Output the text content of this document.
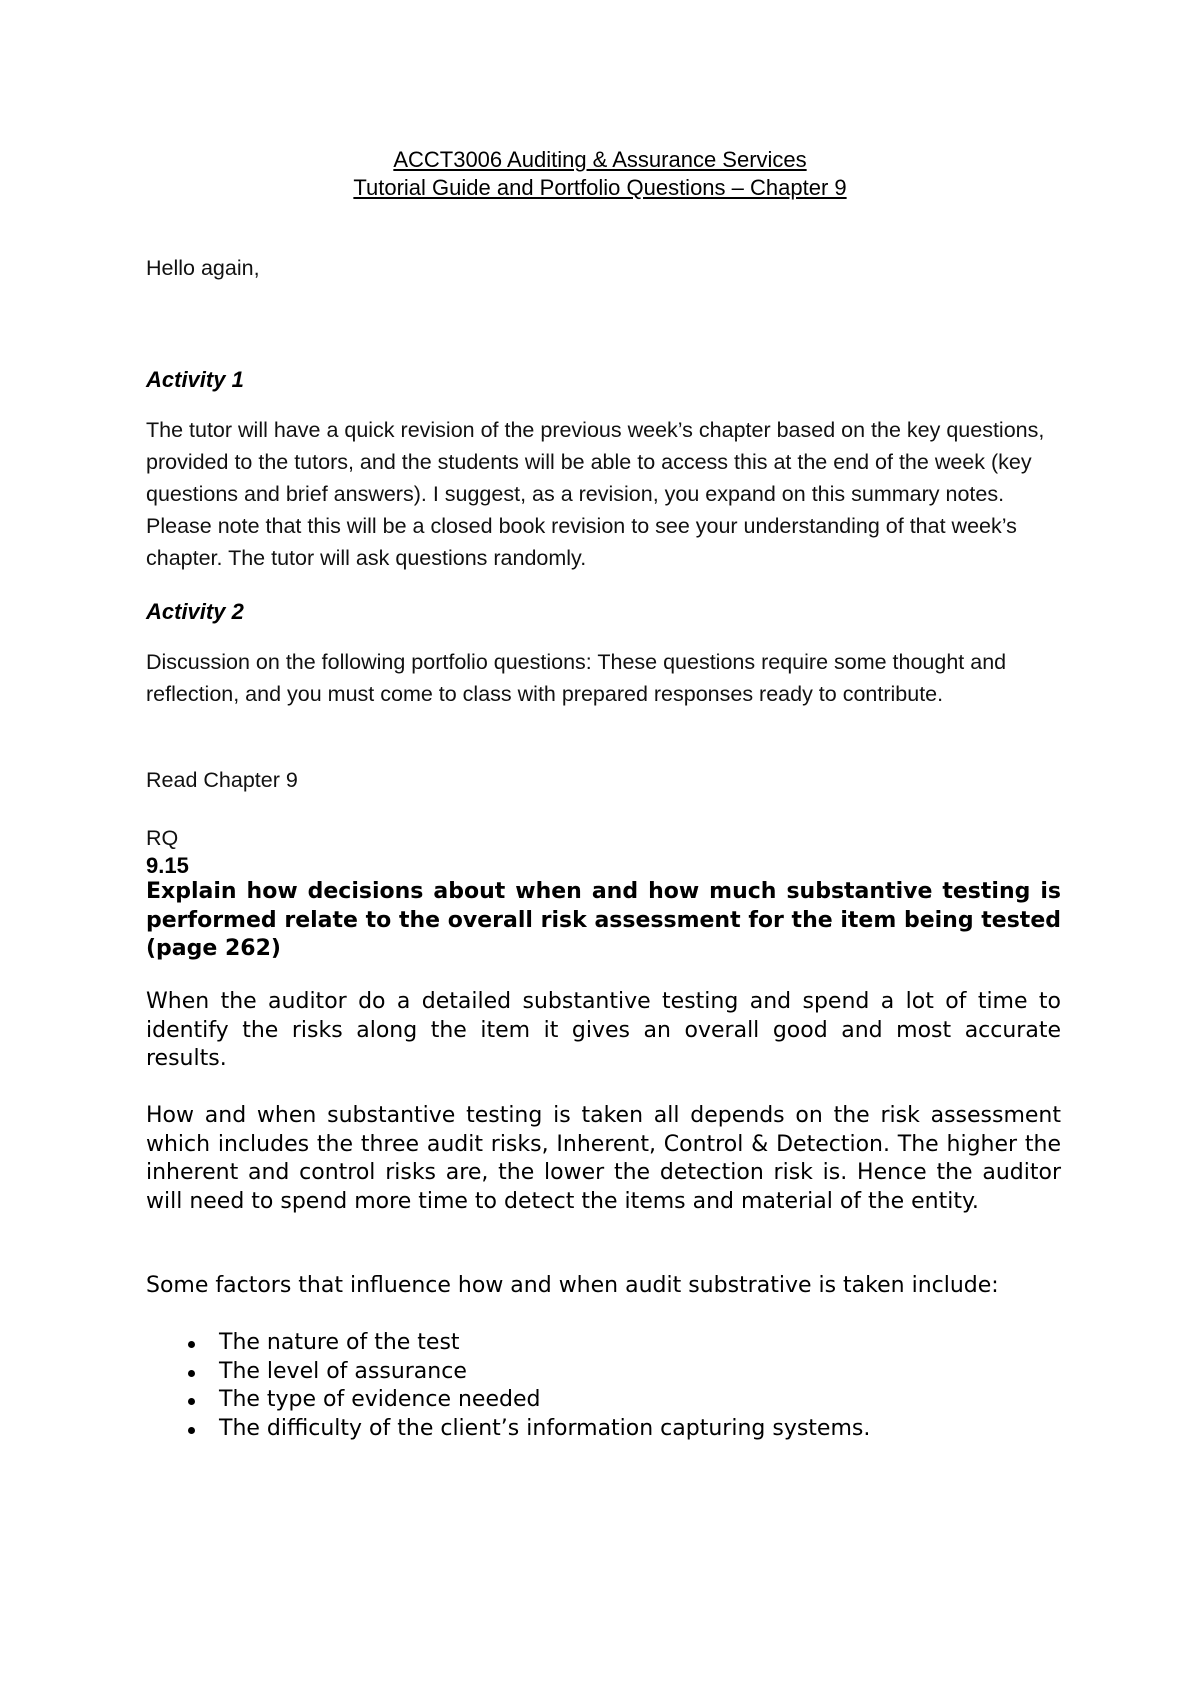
ACCT3006 Auditing & Assurance Services

Tutorial Guide and Portfolio Questions – Chapter 9

Hello again,

Activity 1

The tutor will have a quick revision of the previous week’s chapter based on the key questions, provided to the tutors, and the students will be able to access this at the end of the week (key questions and brief answers). I suggest, as a revision, you expand on this summary notes. Please note that this will be a closed book revision to see your understanding of that week’s chapter. The tutor will ask questions randomly.

Activity 2

Discussion on the following portfolio questions: These questions require some thought and reflection, and you must come to class with prepared responses ready to contribute.

Read Chapter 9

RQ

9.15

Explain how decisions about when and how much substantive testing is performed relate to the overall risk assessment for the item being tested (page 262)

When the auditor do a detailed substantive testing and spend a lot of time to identify the risks along the item it gives an overall good and most accurate results.

How and when substantive testing is taken all depends on the risk assessment which includes the three audit risks, Inherent, Control & Detection. The higher the inherent and control risks are, the lower the detection risk is. Hence the auditor will need to spend more time to detect the items and material of the entity.

Some factors that influence how and when audit substrative is taken include:

The nature of the test
The level of assurance
The type of evidence needed
The difficulty of the client’s information capturing systems.
